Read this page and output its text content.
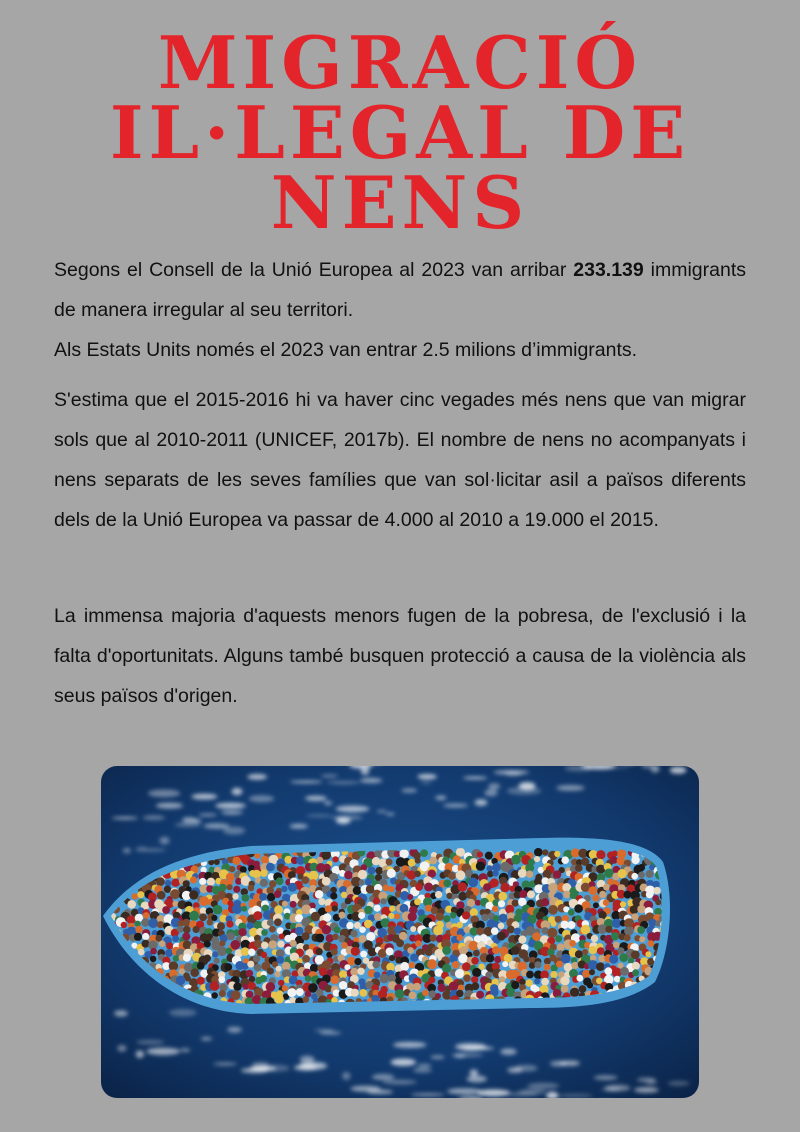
MIGRACIÓ
IL·LEGAL DE
NENS

Segons el Consell de la Unió Europea al 2023 van arribar 233.139 immigrants de manera irregular al seu territori.
Als Estats Units només el 2023 van entrar 2.5 milions d’immigrants.

S'estima que el 2015-2016 hi va haver cinc vegades més nens que van migrar sols que al 2010-2011 (UNICEF, 2017b). El nombre de nens no acompanyats i nens separats de les seves famílies que van sol·licitar asil a països diferents dels de la Unió Europea va passar de 4.000 al 2010 a 19.000 el 2015.

La immensa majoria d'aquests menors fugen de la pobresa, de l'exclusió i la falta d'oportunitats. Alguns també busquen protecció a causa de la violència als seus països d'origen.
